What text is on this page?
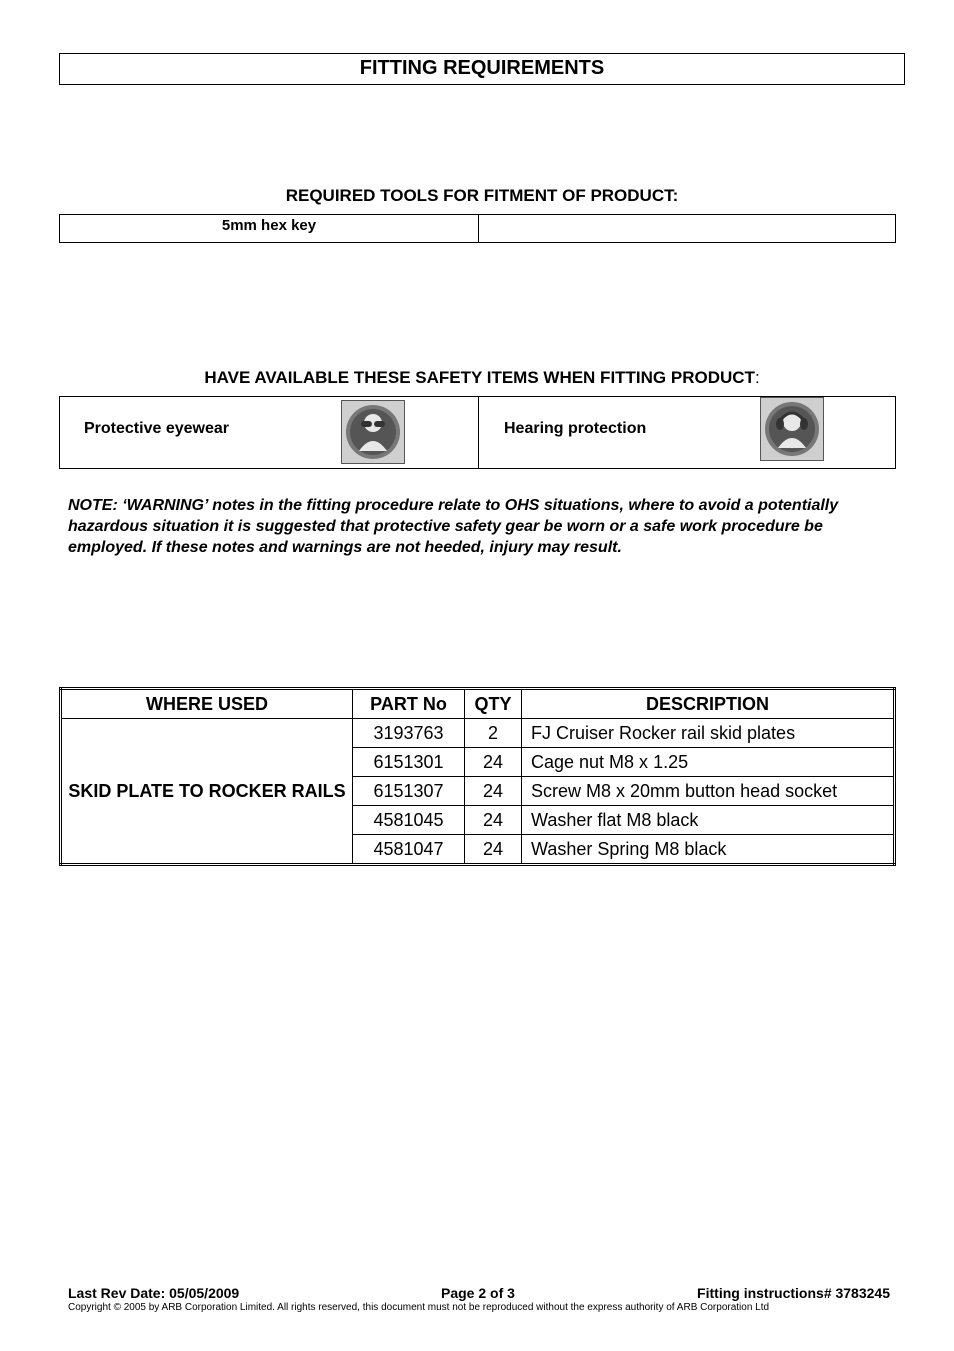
FITTING REQUIREMENTS
REQUIRED TOOLS FOR FITMENT OF PRODUCT:
5mm hex key
HAVE AVAILABLE THESE SAFETY ITEMS WHEN FITTING PRODUCT:
Protective eyewear	Hearing protection
NOTE: ‘WARNING’ notes in the fitting procedure relate to OHS situations, where to avoid a potentially hazardous situation it is suggested that protective safety gear be worn or a safe work procedure be employed. If these notes and warnings are not heeded, injury may result.
WHERE USED	PART No	QTY	DESCRIPTION
SKID PLATE TO ROCKER RAILS	3193763	2	FJ Cruiser Rocker rail skid plates
	6151301	24	Cage nut M8 x 1.25
	6151307	24	Screw M8 x 20mm button head socket
	4581045	24	Washer flat M8 black
	4581047	24	Washer Spring M8 black
Last Rev Date: 05/05/2009	Page 2 of 3	Fitting instructions# 3783245
Copyright © 2005 by ARB Corporation Limited. All rights reserved, this document must not be reproduced without the express authority of ARB Corporation Ltd
